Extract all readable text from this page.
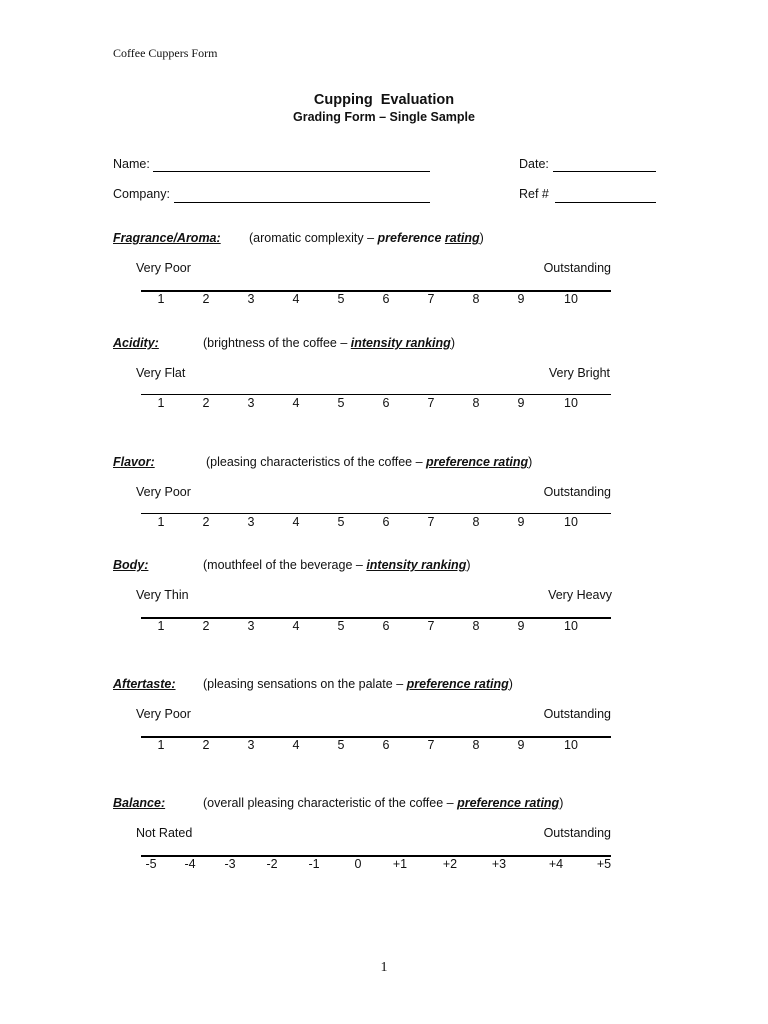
Coffee Cuppers Form
Cupping  Evaluation
Grading Form – Single Sample
Name:	Date:
Company:	Ref #
Fragrance/Aroma: (aromatic complexity – preference rating)
Very Poor	Outstanding
1	2	3	4	5	6	7	8	9	10
Acidity:	(brightness of the coffee – intensity ranking)
Very Flat	Very Bright
1	2	3	4	5	6	7	8	9	10
Flavor:	(pleasing characteristics of the coffee – preference rating)
Very Poor	Outstanding
1	2	3	4	5	6	7	8	9	10
Body:	(mouthfeel of the beverage – intensity ranking)
Very Thin	Very Heavy
1	2	3	4	5	6	7	8	9	10
Aftertaste: (pleasing sensations on the palate – preference rating)
Very Poor	Outstanding
1	2	3	4	5	6	7	8	9	10
Balance:	(overall pleasing characteristic of the coffee – preference rating)
Not Rated	Outstanding
-5 -4 -3 -2 -1	0	+1	+2	+3	+4	+5
1
